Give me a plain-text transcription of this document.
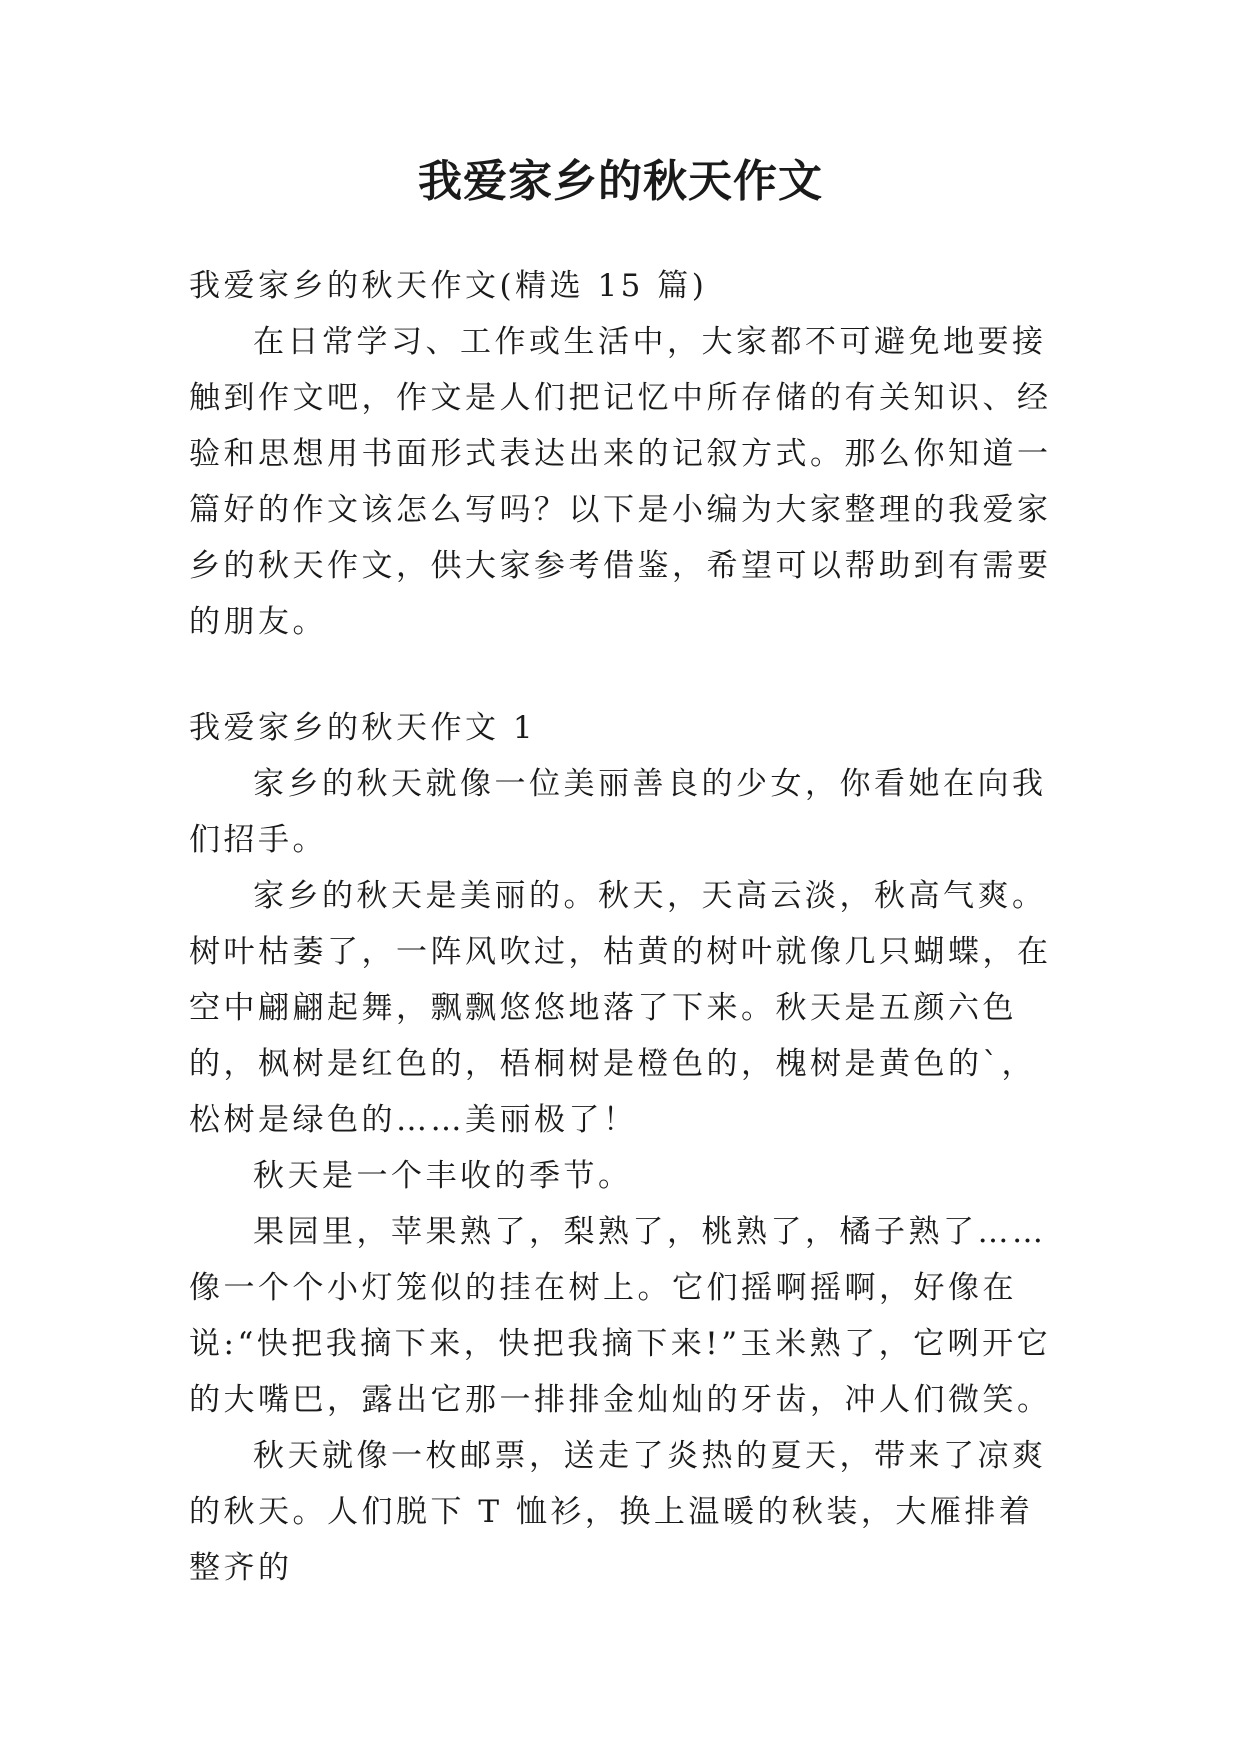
我爱家乡的秋天作文

我爱家乡的秋天作文(精选 15 篇)

在日常学习、工作或生活中，大家都不可避免地要接触到作文吧，作文是人们把记忆中所存储的有关知识、经验和思想用书面形式表达出来的记叙方式。那么你知道一篇好的作文该怎么写吗？以下是小编为大家整理的我爱家乡的秋天作文，供大家参考借鉴，希望可以帮助到有需要的朋友。

我爱家乡的秋天作文 1

家乡的秋天就像一位美丽善良的少女，你看她在向我们招手。

家乡的秋天是美丽的。秋天，天高云淡，秋高气爽。树叶枯萎了，一阵风吹过，枯黄的树叶就像几只蝴蝶，在空中翩翩起舞，飘飘悠悠地落了下来。秋天是五颜六色的，枫树是红色的，梧桐树是橙色的，槐树是黄色的`，松树是绿色的……美丽极了！

秋天是一个丰收的季节。

果园里，苹果熟了，梨熟了，桃熟了，橘子熟了……像一个个小灯笼似的挂在树上。它们摇啊摇啊，好像在说:“快把我摘下来，快把我摘下来!”玉米熟了，它咧开它的大嘴巴，露出它那一排排金灿灿的牙齿，冲人们微笑。

秋天就像一枚邮票，送走了炎热的夏天，带来了凉爽的秋天。人们脱下 T 恤衫，换上温暖的秋装，大雁排着整齐的
